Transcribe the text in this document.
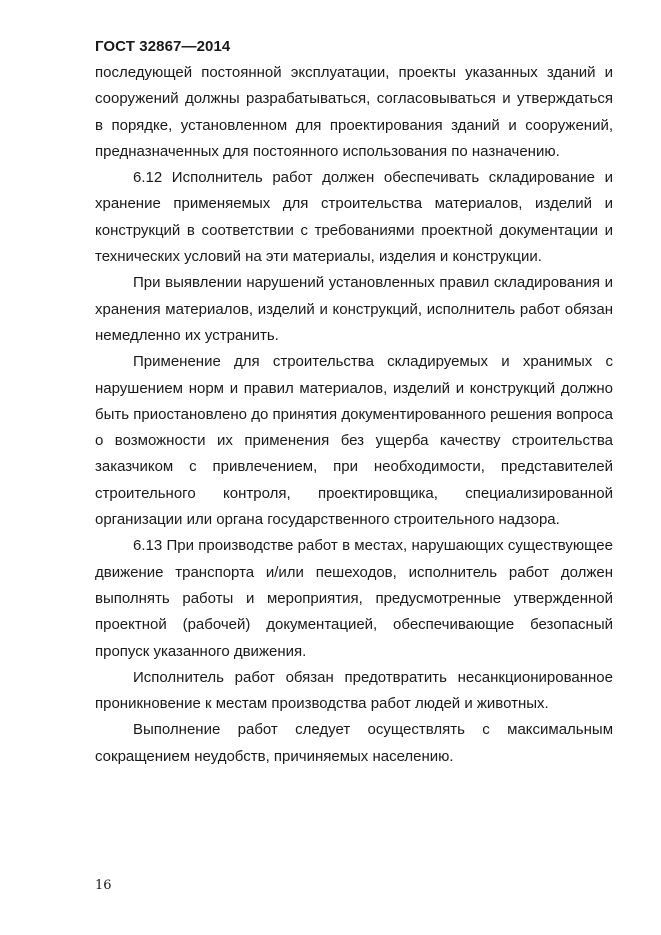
ГОСТ 32867—2014

последующей постоянной эксплуатации, проекты указанных зданий и сооружений должны разрабатываться, согласовываться и утверждаться в порядке, установленном для проектирования зданий и сооружений, предназначенных для постоянного использования по назначению.

6.12 Исполнитель работ должен обеспечивать складирование и хранение применяемых для строительства материалов, изделий и конструкций в соответствии с требованиями проектной документации и технических условий на эти материалы, изделия и конструкции.

При выявлении нарушений установленных правил складирования и хранения материалов, изделий и конструкций, исполнитель работ обязан немедленно их устранить.

Применение для строительства складируемых и хранимых с нарушением норм и правил материалов, изделий и конструкций должно быть приостановлено до принятия документированного решения вопроса о возможности их применения без ущерба качеству строительства заказчиком с привлечением, при необходимости, представителей строительного контроля, проектировщика, специализированной организации или органа государственного строительного надзора.

6.13 При производстве работ в местах, нарушающих существующее движение транспорта и/или пешеходов, исполнитель работ должен выполнять работы и мероприятия, предусмотренные утвержденной проектной (рабочей) документацией, обеспечивающие безопасный пропуск указанного движения.

Исполнитель работ обязан предотвратить несанкционированное проникновение к местам производства работ людей и животных.

Выполнение работ следует осуществлять с максимальным сокращением неудобств, причиняемых населению.

16
